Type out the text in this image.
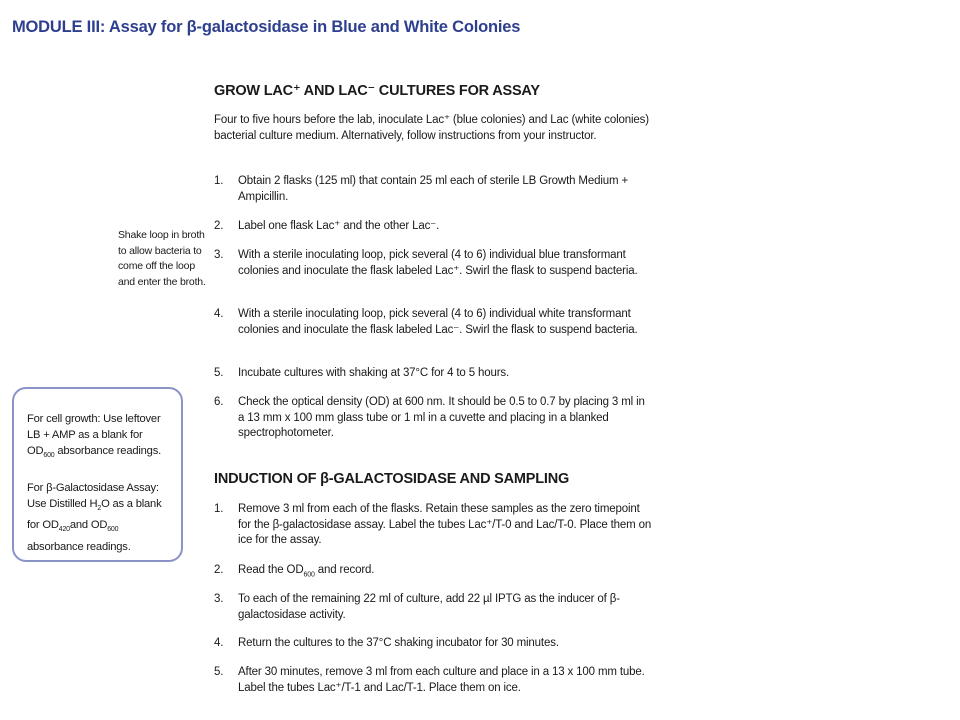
MODULE III: Assay for β-galactosidase in Blue and White Colonies
GROW LAC⁺ AND LAC⁻ CULTURES FOR ASSAY

Four to five hours before the lab, inoculate Lac⁺ (blue colonies) and Lac (white colonies) bacterial culture medium. Alternatively, follow instructions from your instructor.

1.	Obtain 2 flasks (125 ml) that contain 25 ml each of sterile LB Growth Medium + Ampicillin.
2.	Label one flask Lac⁺ and the other Lac⁻.
3.	With a sterile inoculating loop, pick several (4 to 6) individual blue transformant colonies and inoculate the flask labeled Lac⁺. Swirl the flask to suspend bacteria.
4.	With a sterile inoculating loop, pick several (4 to 6) individual white transformant colonies and inoculate the flask labeled Lac⁻. Swirl the flask to suspend bacteria.
5.	Incubate cultures with shaking at 37°C for 4 to 5 hours.
6.	Check the optical density (OD) at 600 nm. It should be 0.5 to 0.7 by placing 3 ml in a 13 mm x 100 mm glass tube or 1 ml in a cuvette and placing in a blanked spectrophotometer.
INDUCTION OF β-GALACTOSIDASE AND SAMPLING
1.	Remove 3 ml from each of the flasks. Retain these samples as the zero timepoint for the β-galactosidase assay. Label the tubes Lac⁺/T-0 and Lac/T-0. Place them on ice for the assay.
2.	Read the $OD_{600}$ and record.
3.	To each of the remaining 22 ml of culture, add 22 µl IPTG as the inducer of β-galactosidase activity.
4.	Return the cultures to the 37°C shaking incubator for 30 minutes.
5.	After 30 minutes, remove 3 ml from each culture and place in a 13 x 100 mm tube. Label the tubes Lac⁺/T-1 and Lac/T-1. Place them on ice.

Shake loop in broth to allow bacteria to come off the loop and enter the broth.

For cell growth: Use leftover LB + AMP as a blank for $OD_{600}$ absorbance readings.

For β-Galactosidase Assay: Use Distilled $H_2O$ as a blank for $OD_{420}and$ $OD_{600}$ absorbance readings.
